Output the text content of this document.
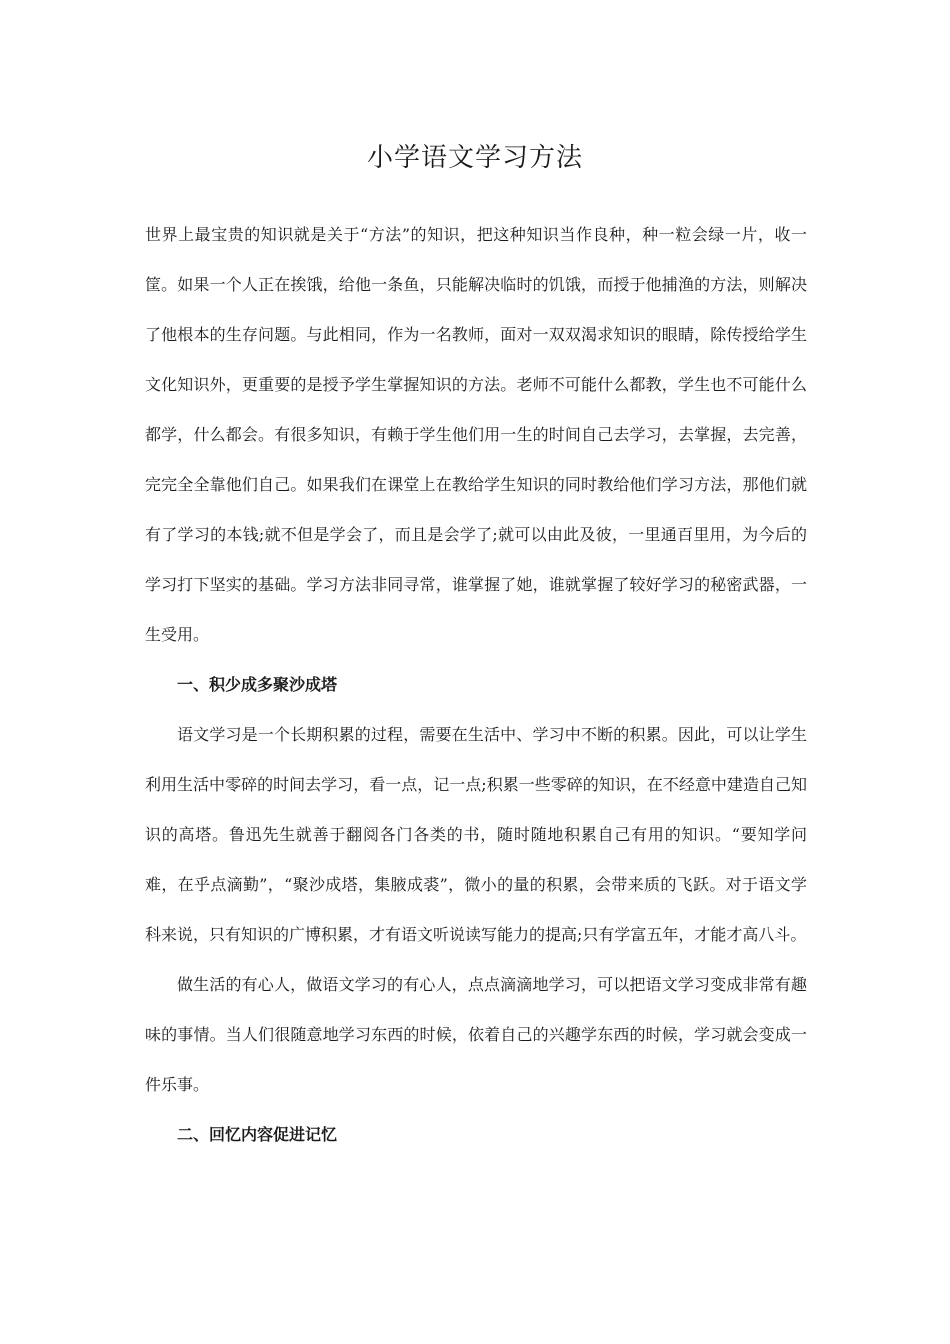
小学语文学习方法

世界上最宝贵的知识就是关于“方法”的知识，把这种知识当作良种，种一粒会绿一片，收一筐。如果一个人正在挨饿，给他一条鱼，只能解决临时的饥饿，而授于他捕渔的方法，则解决了他根本的生存问题。与此相同，作为一名教师，面对一双双渴求知识的眼睛，除传授给学生文化知识外，更重要的是授予学生掌握知识的方法。老师不可能什么都教，学生也不可能什么都学，什么都会。有很多知识，有赖于学生他们用一生的时间自己去学习，去掌握，去完善，完完全全靠他们自己。如果我们在课堂上在教给学生知识的同时教给他们学习方法，那他们就有了学习的本钱;就不但是学会了，而且是会学了;就可以由此及彼，一里通百里用，为今后的学习打下坚实的基础。学习方法非同寻常，谁掌握了她，谁就掌握了较好学习的秘密武器，一生受用。

一、积少成多聚沙成塔

语文学习是一个长期积累的过程，需要在生活中、学习中不断的积累。因此，可以让学生利用生活中零碎的时间去学习，看一点，记一点;积累一些零碎的知识，在不经意中建造自己知识的高塔。鲁迅先生就善于翻阅各门各类的书，随时随地积累自己有用的知识。“要知学问难，在乎点滴勤”，“聚沙成塔，集腋成裘”，微小的量的积累，会带来质的飞跃。对于语文学科来说，只有知识的广博积累，才有语文听说读写能力的提高;只有学富五年，才能才高八斗。

做生活的有心人，做语文学习的有心人，点点滴滴地学习，可以把语文学习变成非常有趣味的事情。当人们很随意地学习东西的时候，依着自己的兴趣学东西的时候，学习就会变成一件乐事。

二、回忆内容促进记忆
